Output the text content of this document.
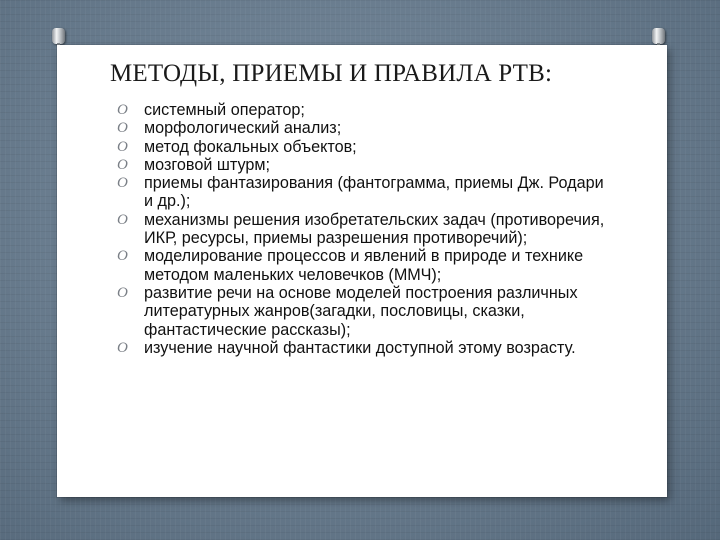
МЕТОДЫ, ПРИЕМЫ И ПРАВИЛА РТВ:
O системный оператор;
O морфологический анализ;
O метод фокальных объектов;
O мозговой штурм;
O приемы фантазирования (фантограмма, приемы Дж. Родари и др.);
O механизмы решения изобретательских задач (противоречия, ИКР, ресурсы, приемы разрешения противоречий);
O моделирование процессов и явлений в природе и технике методом маленьких человечков (ММЧ);
O развитие речи на основе моделей построения различных литературных жанров(загадки, пословицы, сказки, фантастические рассказы);
O изучение научной фантастики доступной этому возрасту.
